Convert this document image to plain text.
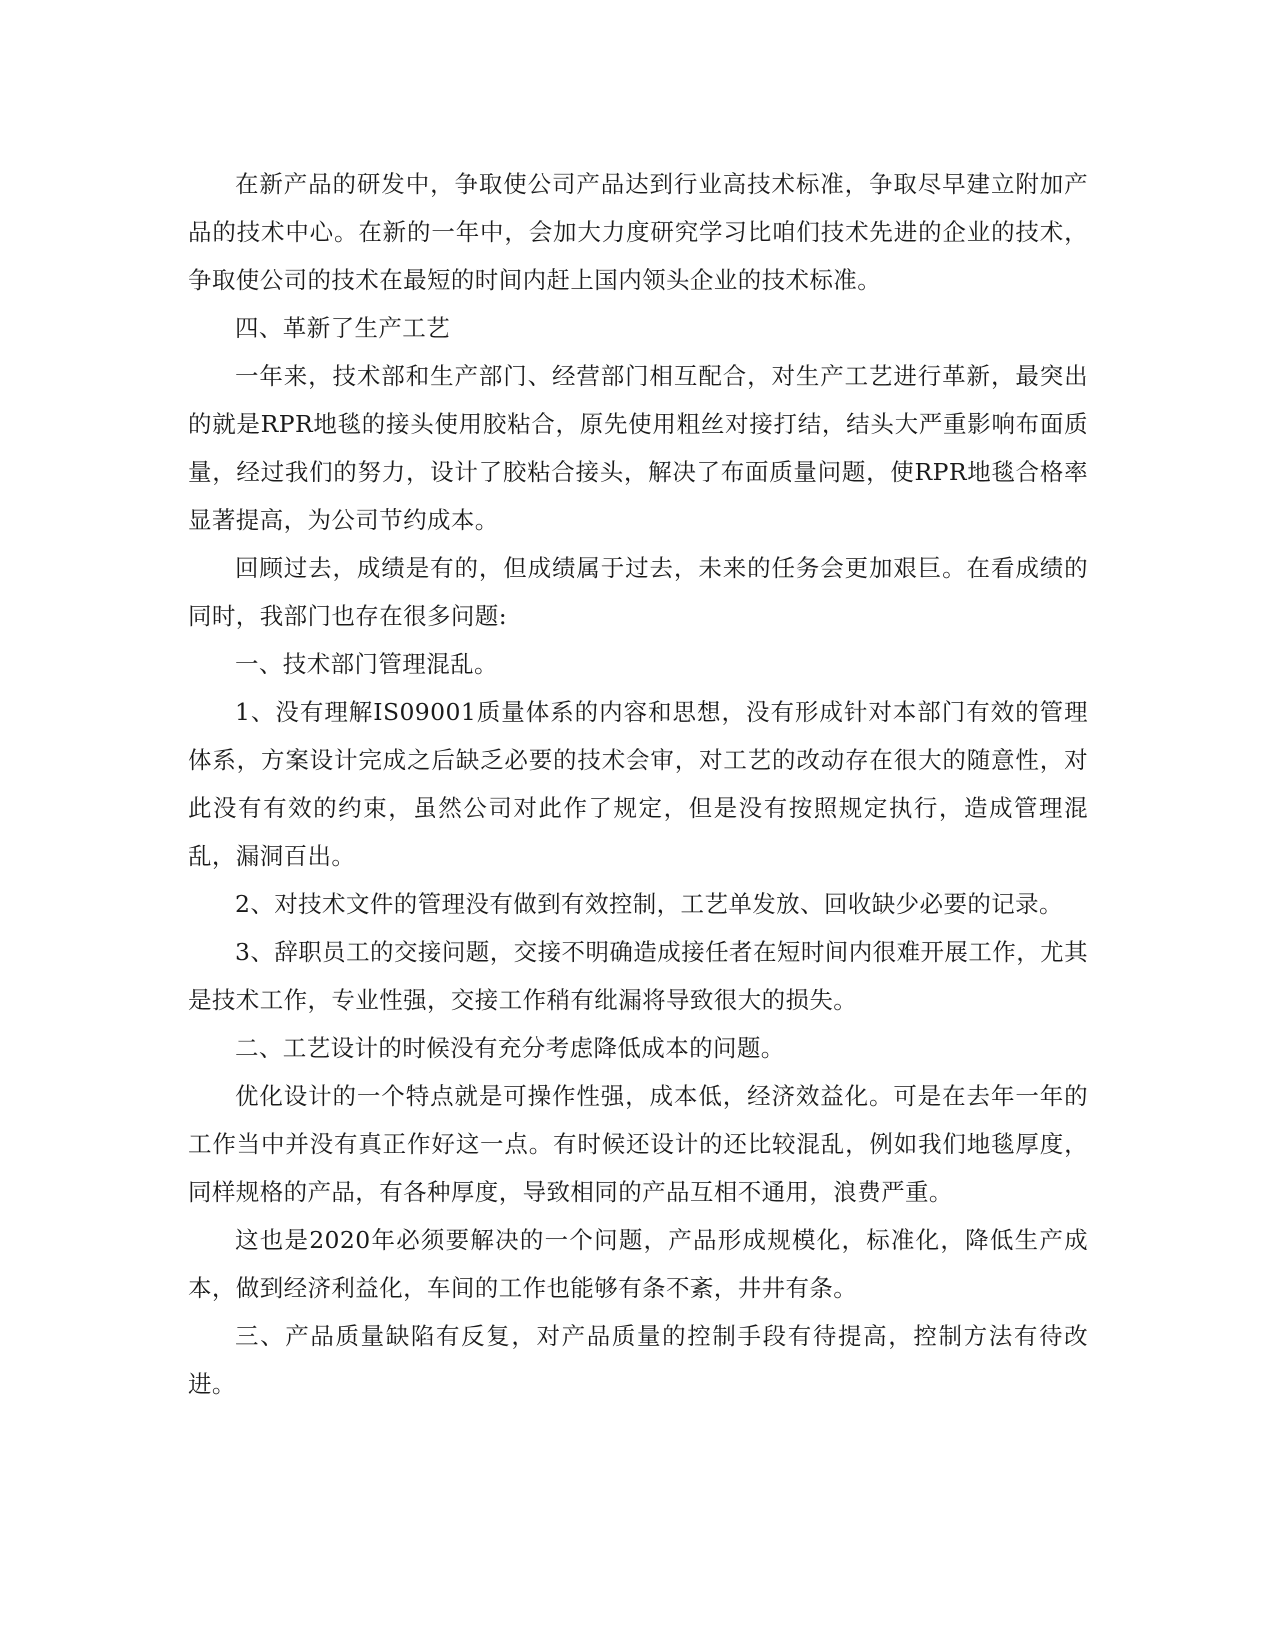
在新产品的研发中，争取使公司产品达到行业高技术标准，争取尽早建立附加产品的技术中心。在新的一年中，会加大力度研究学习比咱们技术先进的企业的技术，争取使公司的技术在最短的时间内赶上国内领头企业的技术标准。

四、革新了生产工艺

一年来，技术部和生产部门、经营部门相互配合，对生产工艺进行革新，最突出的就是RPR地毯的接头使用胶粘合，原先使用粗丝对接打结，结头大严重影响布面质量，经过我们的努力，设计了胶粘合接头，解决了布面质量问题，使RPR地毯合格率显著提高，为公司节约成本。

回顾过去，成绩是有的，但成绩属于过去，未来的任务会更加艰巨。在看成绩的同时，我部门也存在很多问题:

一、技术部门管理混乱。

1、没有理解IS09001质量体系的内容和思想，没有形成针对本部门有效的管理体系，方案设计完成之后缺乏必要的技术会审，对工艺的改动存在很大的随意性，对此没有有效的约束，虽然公司对此作了规定，但是没有按照规定执行，造成管理混乱，漏洞百出。

2、对技术文件的管理没有做到有效控制，工艺单发放、回收缺少必要的记录。

3、辞职员工的交接问题，交接不明确造成接任者在短时间内很难开展工作，尤其是技术工作，专业性强，交接工作稍有纰漏将导致很大的损失。

二、工艺设计的时候没有充分考虑降低成本的问题。

优化设计的一个特点就是可操作性强，成本低，经济效益化。可是在去年一年的工作当中并没有真正作好这一点。有时候还设计的还比较混乱，例如我们地毯厚度，同样规格的产品，有各种厚度，导致相同的产品互相不通用，浪费严重。

这也是2020年必须要解决的一个问题，产品形成规模化，标准化，降低生产成本，做到经济利益化，车间的工作也能够有条不紊，井井有条。

三、产品质量缺陷有反复，对产品质量的控制手段有待提高，控制方法有待改进。
